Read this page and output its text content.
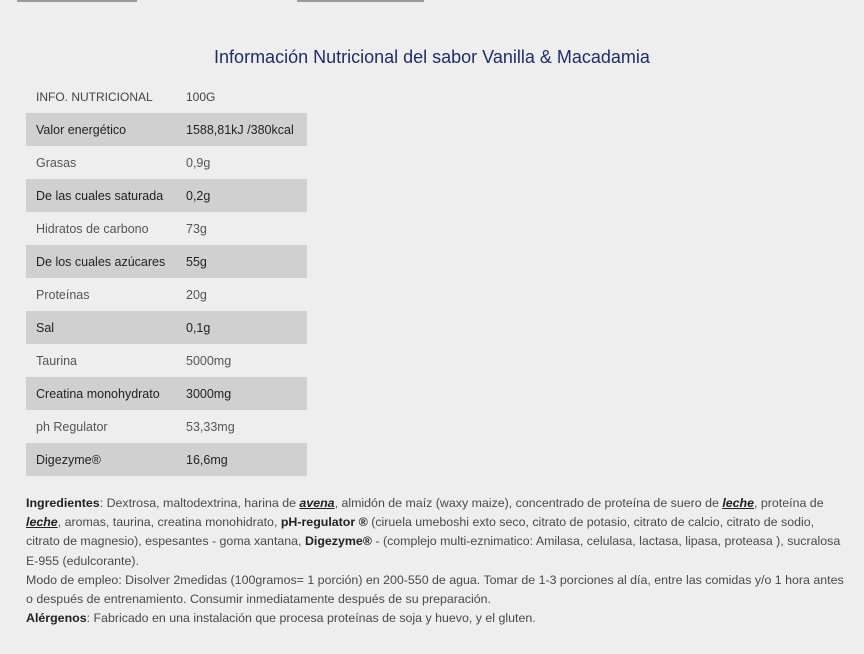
Información Nutricional del sabor Vanilla & Macadamia
INFO. NUTRICIONAL	100G
Valor energético	1588,81kJ /380kcal
Grasas	0,9g
De las cuales saturada	0,2g
Hidratos de carbono	73g
De los cuales azúcares	55g
Proteínas	20g
Sal	0,1g
Taurina	5000mg
Creatina monohydrato	3000mg
ph Regulator	53,33mg
Digezyme®	16,6mg

Ingredientes: Dextrosa, maltodextrina, harina de avena, almidón de maíz (waxy maize), concentrado de proteína de suero de leche, proteína de leche, aromas, taurina, creatina monohidrato, pH-regulator ® (ciruela umeboshi exto seco, citrato de potasio, citrato de calcio, citrato de sodio, citrato de magnesio), espesantes - goma xantana, Digezyme® - (complejo multi-eznimatico: Amilasa, celulasa, lactasa, lipasa, proteasa ), sucralosa E-955 (edulcorante).

Modo de empleo: Disolver 2medidas (100gramos= 1 porción) en 200-550 de agua. Tomar de 1-3 porciones al día, entre las comidas y/o 1 hora antes o después de entrenamiento. Consumir inmediatamente después de su preparación.

Alérgenos: Fabricado en una instalación que procesa proteínas de soja y huevo, y el gluten.
